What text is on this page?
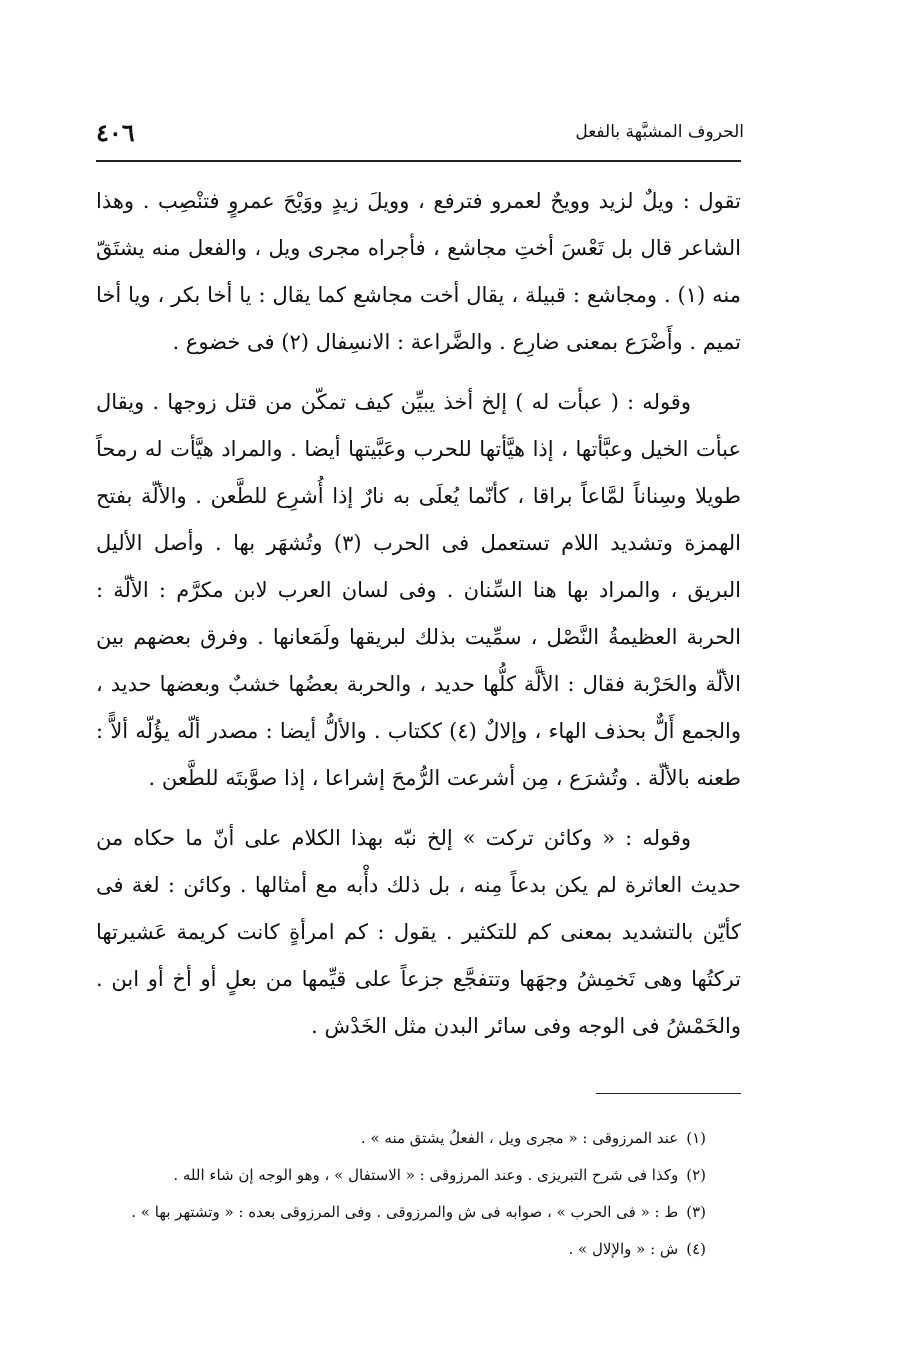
الحروف المشبَّهة بالفعل
٤٠٦

تقول : ويلٌ لزيد وويحٌ لعمرو فترفع ، وويلَ زيدٍ ووَيْحَ عمروٍ فتنْصِب . وهذا الشاعر قال بل تَعْسَ أختِ مجاشع ، فأجراه مجرى ويل ، والفعل منه يشتَقّ منه (١) . ومجاشع : قبيلة ، يقال أخت مجاشع كما يقال : يا أخا بكر ، ويا أخا تميم . وأَضْرَع بمعنى ضارِع . والضَّراعة : الانسِفال (٢) فى خضوع .

وقوله : ( عبأت له ) إلخ أخذ يبيِّن كيف تمكّن من قتل زوجها . ويقال عبأت الخيل وعبَّأتها ، إذا هيَّأتها للحرب وعَبَّيتها أيضا . والمراد هيَّأت له رمحاً طويلا وسِناناً لمَّاعاً براقا ، كأنّما يُعلَى به نارٌ إذا أُشرِع للطَّعن . والألّة بفتح الهمزة وتشديد اللام تستعمل فى الحرب (٣) وتُشهَر بها . وأصل الأليل البريق ، والمراد بها هنا السِّنان . وفى لسان العرب لابن مكرَّم : الألّة : الحربة العظيمةُ النَّصْل ، سمِّيت بذلك لبريقها ولَمَعانها . وفرق بعضهم بين الألّة والحَرْبة فقال : الألَّة كلُّها حديد ، والحربة بعضُها خشبٌ وبعضها حديد ، والجمع أَلٌّ بحذف الهاء ، وإلالٌ (٤) ككتاب . والألُّ أيضا : مصدر ألّه يؤُلّه ألاًّ : طعنه بالألّة . وتُشرَع ، مِن أشرعت الرُّمحَ إشراعا ، إذا صوَّبتَه للطَّعن .

وقوله : « وكائن تركت » إلخ نبّه بهذا الكلام على أنّ ما حكاه من حديث العاثرة لم يكن بدعاً مِنه ، بل ذلك دأْبه مع أمثالها . وكائن : لغة فى كأيّن بالتشديد بمعنى كم للتكثير . يقول : كم امرأةٍ كانت كريمة عَشيرتها تركتُها وهى تَخمِشُ وجهَها وتتفجَّع جزعاً على قيِّمها من بعلٍ أو أخ أو ابن . والخَمْشُ فى الوجه وفى سائر البدن مثل الخَدْش .

(١)عند المرزوقى : « مجرى ويل ، الفعلُ يشتق منه » .
(٢)وكذا فى شرح التبريزى . وعند المرزوقى : « الاستفال » ، وهو الوجه إن شاء الله .
(٣)ط : « فى الحرب » ، صوابه فى ش والمرزوقى . وفى المرزوقى بعده : « وتشتهر بها » .
(٤)ش : « والإلال » .
